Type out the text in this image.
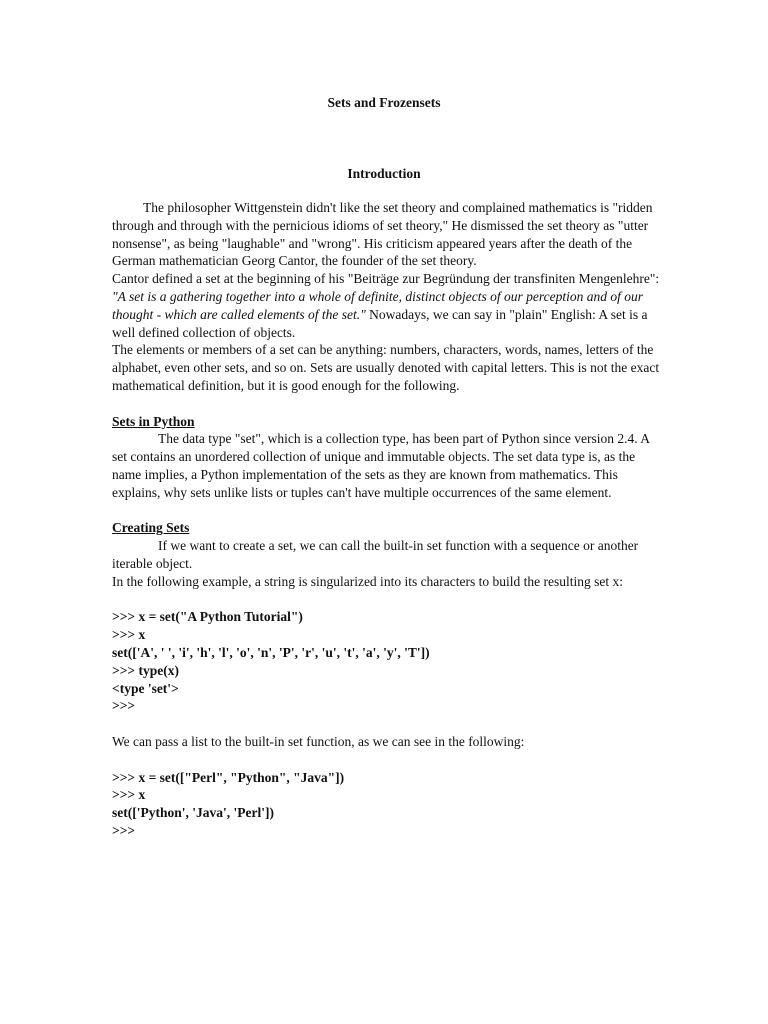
Sets and Frozensets
Introduction

The philosopher Wittgenstein didn't like the set theory and complained mathematics is "ridden through and through with the pernicious idioms of set theory," He dismissed the set theory as "utter nonsense", as being "laughable" and "wrong". His criticism appeared years after the death of the German mathematician Georg Cantor, the founder of the set theory.

Cantor defined a set at the beginning of his "Beiträge zur Begründung der transfiniten Mengenlehre":

"A set is a gathering together into a whole of definite, distinct objects of our perception and of our thought - which are called elements of the set." Nowadays, we can say in "plain" English: A set is a well defined collection of objects.

The elements or members of a set can be anything: numbers, characters, words, names, letters of the alphabet, even other sets, and so on. Sets are usually denoted with capital letters. This is not the exact mathematical definition, but it is good enough for the following.

Sets in Python

The data type "set", which is a collection type, has been part of Python since version 2.4. A set contains an unordered collection of unique and immutable objects. The set data type is, as the name implies, a Python implementation of the sets as they are known from mathematics. This explains, why sets unlike lists or tuples can't have multiple occurrences of the same element.

Creating Sets

If we want to create a set, we can call the built-in set function with a sequence or another iterable object.

In the following example, a string is singularized into its characters to build the resulting set x:

>>> x = set("A Python Tutorial")

>>> x

set(['A', ' ', 'i', 'h', 'l', 'o', 'n', 'P', 'r', 'u', 't', 'a', 'y', 'T'])

>>> type(x)

<type 'set'>

>>>

We can pass a list to the built-in set function, as we can see in the following:

>>> x = set(["Perl", "Python", "Java"])

>>> x

set(['Python', 'Java', 'Perl'])

>>>
